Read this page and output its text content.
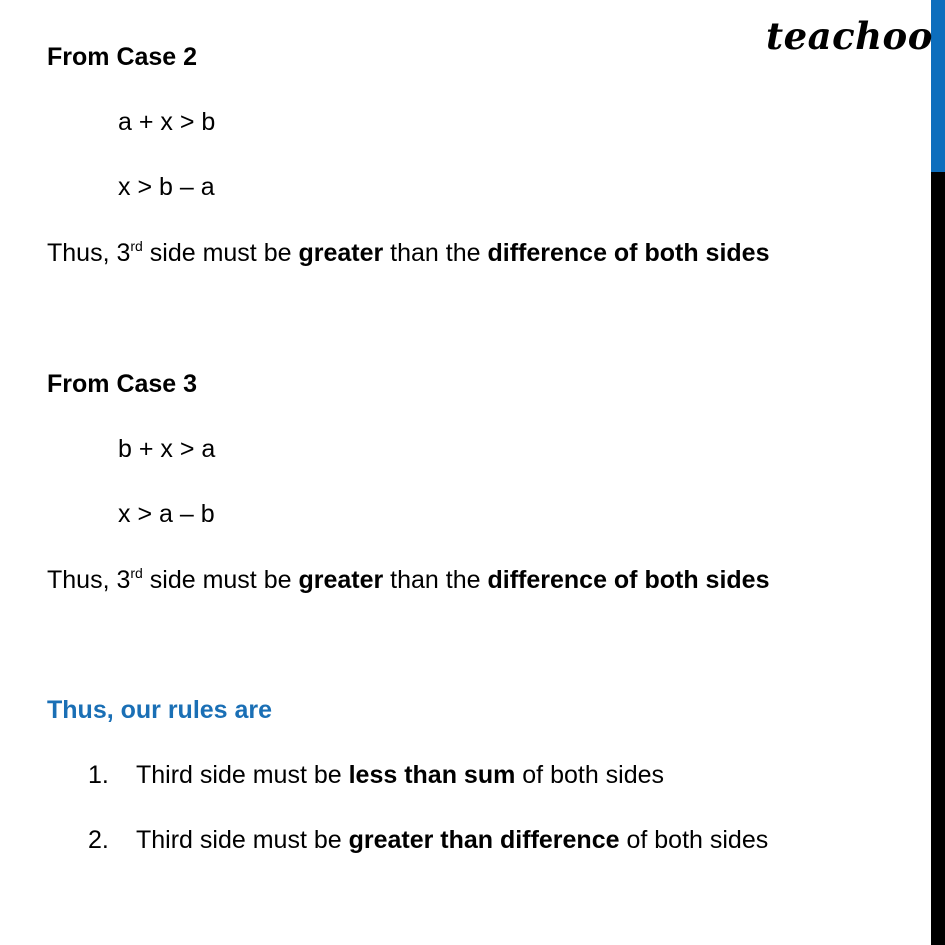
teachoo
From Case 2
a + x > b
x > b – a
Thus, 3rd side must be greater than the difference of both sides
From Case 3
b + x > a
x > a – b
Thus, 3rd side must be greater than the difference of both sides
Thus, our rules are
1. Third side must be less than sum of both sides
2. Third side must be greater than difference of both sides
